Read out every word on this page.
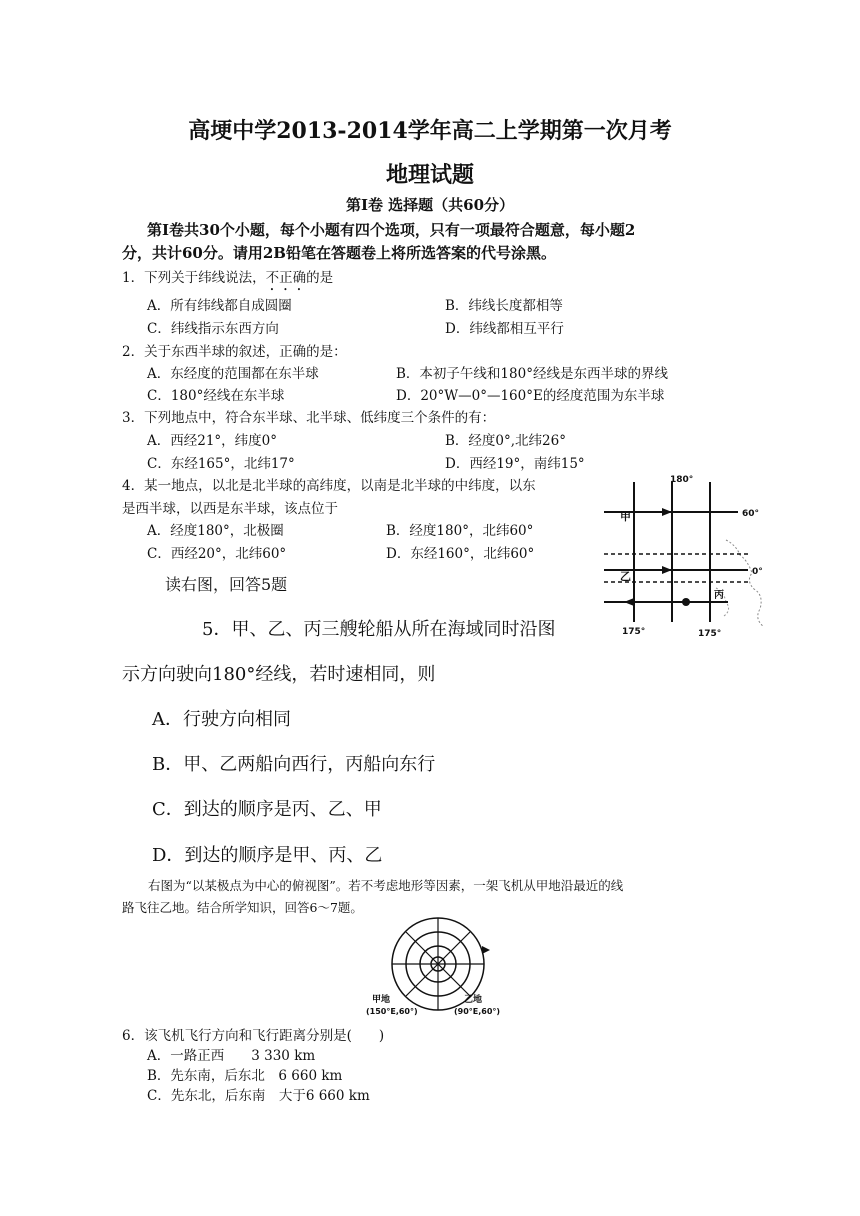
高埂中学2013-2014学年高二上学期第一次月考
地理试题
第Ⅰ卷 选择题（共60分）
第Ⅰ卷共30个小题，每个小题有四个选项，只有一项最符合题意，每小题2
分，共计60分。请用2B铅笔在答题卷上将所选答案的代号涂黑。
1．下列关于纬线说法，不正确的是
A．所有纬线都自成圆圈	B．纬线长度都相等
C．纬线指示东西方向	D．纬线都相互平行
2．关于东西半球的叙述，正确的是：
A．东经度的范围都在东半球	B．本初子午线和180°经线是东西半球的界线
C．180°经线在东半球	D．20°W—0°—160°E的经度范围为东半球
3．下列地点中，符合东半球、北半球、低纬度三个条件的有：
A．西经21°，纬度0°	B．经度0°,北纬26°
C．东经165°，北纬17°	D．西经19°，南纬15°
4．某一地点，以北是北半球的高纬度，以南是北半球的中纬度，以东
是西半球，以西是东半球，该点位于
A．经度180°，北极圈	B．经度180°，北纬60°
C．西经20°，北纬60°	D．东经160°，北纬60°
180°
60°
0°
175°	175°
甲
乙
丙
读右图，回答5题
5．甲、乙、丙三艘轮船从所在海域同时沿图
示方向驶向180°经线，若时速相同，则
A．行驶方向相同
B．甲、乙两船向西行，丙船向东行
C．到达的顺序是丙、乙、甲
D．到达的顺序是甲、丙、乙
右图为“以某极点为中心的俯视图”。若不考虑地形等因素，一架飞机从甲地沿最近的线
路飞往乙地。结合所学知识，回答6～7题。
甲地
(150°E,60°)
乙地
(90°E,60°)
6．该飞机飞行方向和飞行距离分别是(　　)
A．一路正西　　3 330 km
B．先东南，后东北　6 660 km
C．先东北，后东南　大于6 660 km
